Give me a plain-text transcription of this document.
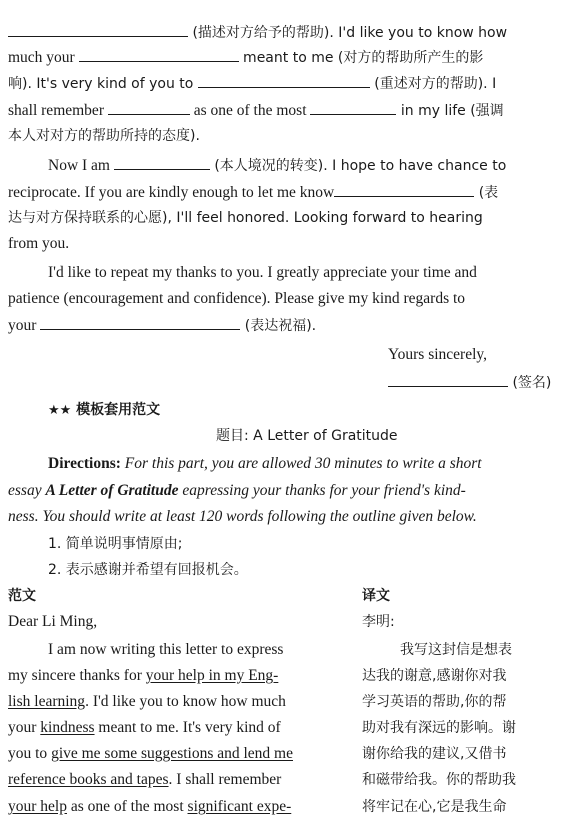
(描述对方给予的帮助). I'd like you to know how
much your	meant to me (对方的帮助所产生的影
响). It's very kind of you to	(重述对方的帮助). I
shall remember	as one of the most	in my life (强调
本人对对方的帮助所持的态度).
Now I am	(本人境况的转变). I hope to have chance to
reciprocate. If you are kindly enough to let me know	(表
达与对方保持联系的心愿), I'll feel honored. Looking forward to hearing
from you.
I'd like to repeat my thanks to you. I greatly appreciate your time and
patience (encouragement and confidence). Please give my kind regards to
your	(表达祝福).
Yours sincerely,
(签名)
★★ 模板套用范文
题目: A Letter of Gratitude
Directions: For this part, you are allowed 30 minutes to write a short
essay A Letter of Gratitude eapressing your thanks for your friend's kind-
ness. You should write at least 120 words following the outline given below.
1. 简单说明事情原由;
2. 表示感谢并希望有回报机会。
范文
Dear Li Ming,
I am now writing this letter to express
my sincere thanks for your help in my Eng-
lish learning. I'd like you to know how much
your kindness meant to me. It's very kind of
you to give me some suggestions and lend me
reference books and tapes. I shall remember
your help as one of the most significant expe-
译文
李明:
我写这封信是想表
达我的谢意,感谢你对我
学习英语的帮助,你的帮
助对我有深远的影响。谢
谢你给我的建议,又借书
和磁带给我。你的帮助我
将牢记在心,它是我生命
